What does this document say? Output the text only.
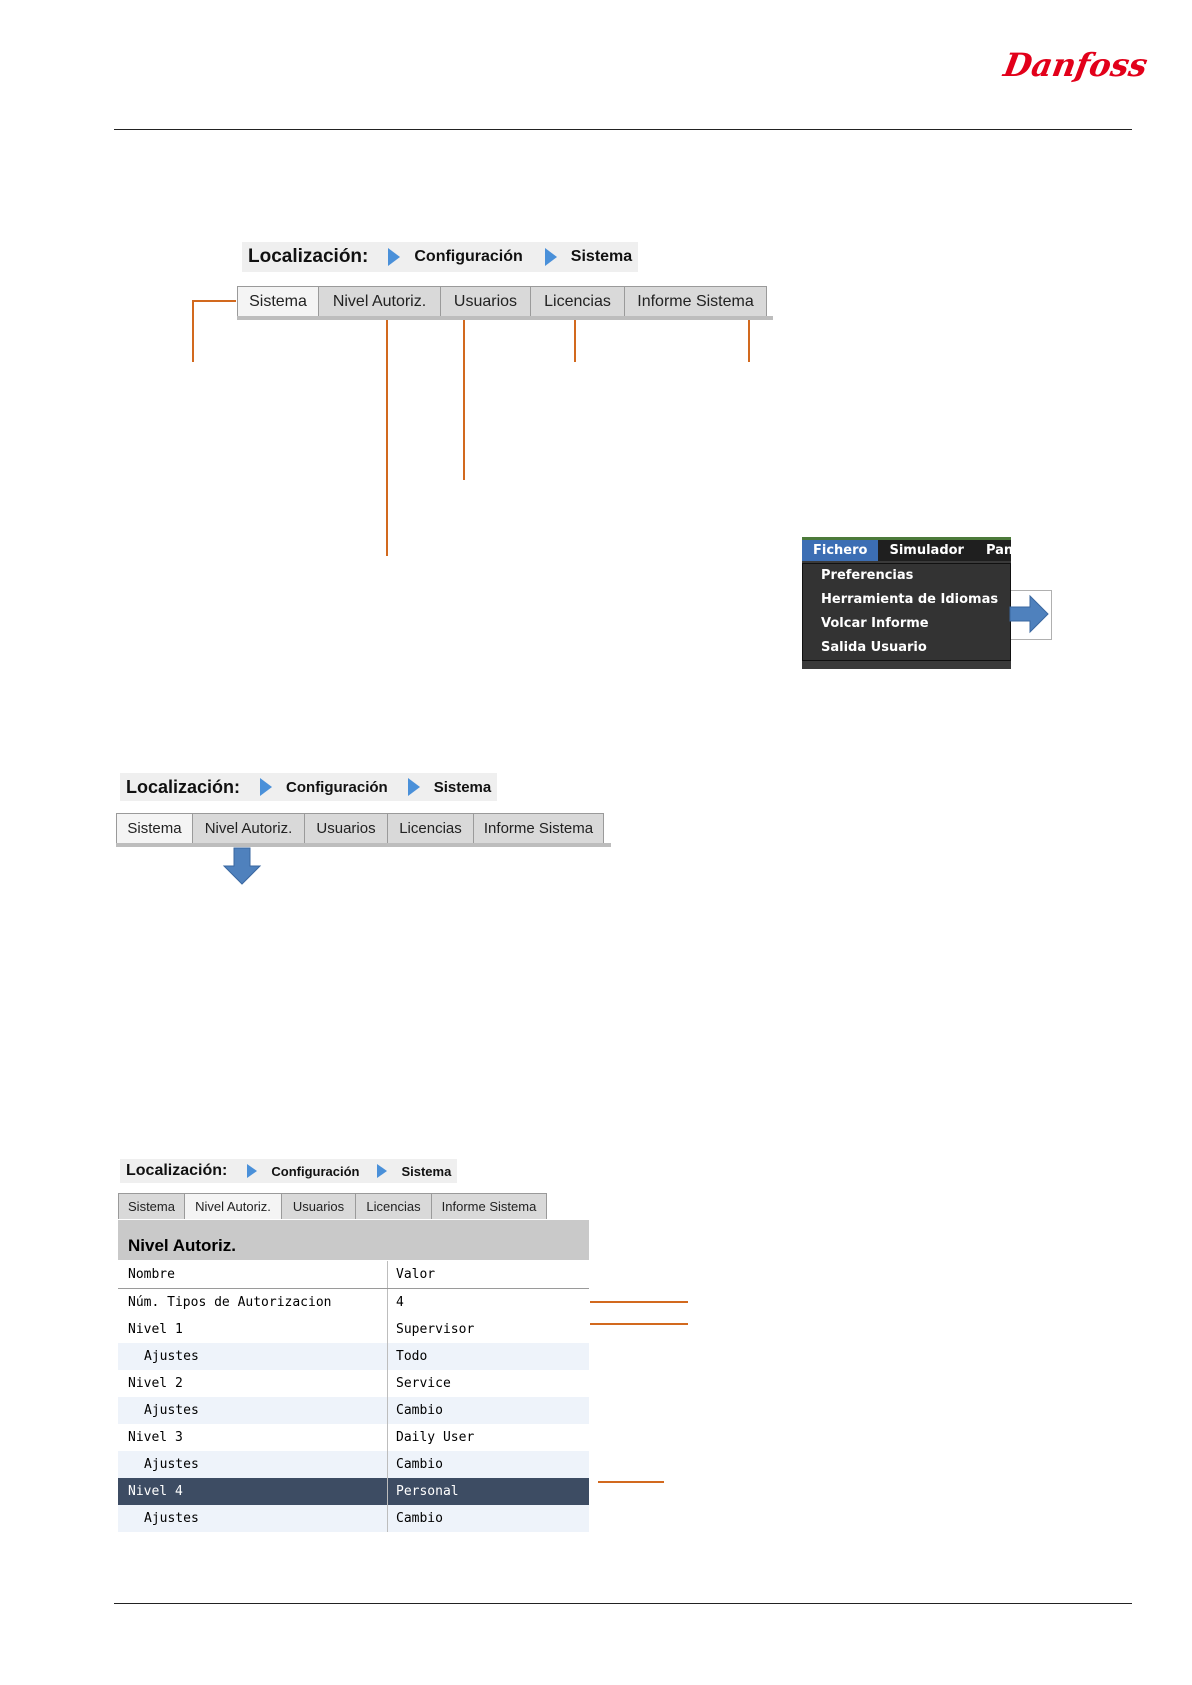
Danfoss
Localización:	Configuración	Sistema
Sistema	Nivel Autoriz.	Usuarios	Licencias	Informe Sistema
Fichero	Simulador	Pan
Preferencias
Herramienta de Idiomas
Volcar Informe
Salida Usuario
Localización:	Configuración	Sistema
Sistema	Nivel Autoriz.	Usuarios	Licencias	Informe Sistema
Localización:	Configuración	Sistema
Sistema	Nivel Autoriz.	Usuarios	Licencias	Informe Sistema
Nivel Autoriz.
Nombre	Valor
Núm. Tipos de Autorizacion	4
Nivel 1	Supervisor
Ajustes	Todo
Nivel 2	Service
Ajustes	Cambio
Nivel 3	Daily User
Ajustes	Cambio
Nivel 4	Personal
Ajustes	Cambio
